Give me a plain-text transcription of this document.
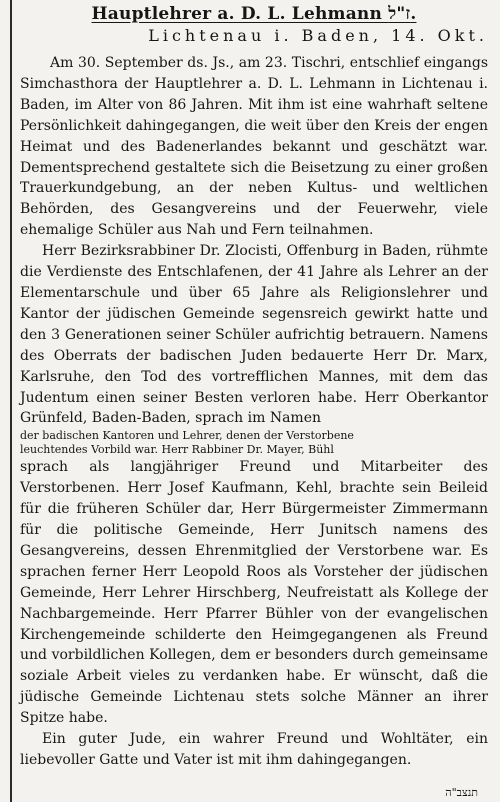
Hauptlehrer a. D. L. Lehmann ז"ל.
Lichtenau i. Baden, 14. Okt.

Am 30. September ds. Js., am 23. Tischri, entschlief eingangs Simchasthora der Hauptlehrer a. D. L. Lehmann in Lichtenau i. Baden, im Alter von 86 Jahren. Mit ihm ist eine wahrhaft seltene Persönlichkeit dahingegangen, die weit über den Kreis der engen Heimat und des Badenerlandes bekannt und geschätzt war. Dementsprechend gestaltete sich die Beisetzung zu einer großen Trauerkundgebung, an der neben Kultus- und weltlichen Behörden, des Gesangvereins und der Feuerwehr, viele ehemalige Schüler aus Nah und Fern teilnahmen.

Herr Bezirksrabbiner Dr. Zlocisti, Offenburg in Baden, rühmte die Verdienste des Entschlafenen, der 41 Jahre als Lehrer an der Elementarschule und über 65 Jahre als Religionslehrer und Kantor der jüdischen Gemeinde segensreich gewirkt hatte und den 3 Generationen seiner Schüler aufrichtig betrauern. Namens des Oberrats der badischen Juden bedauerte Herr Dr. Marx, Karlsruhe, den Tod des vortrefflichen Mannes, mit dem das Judentum einen seiner Besten verloren habe. Herr Oberkantor Grünfeld, Baden-Baden, sprach im Namen
der badischen Kantoren und Lehrer, denen der Verstorbene
leuchtendes Vorbild war. Herr Rabbiner Dr. Mayer, Bühl
sprach als langjähriger Freund und Mitarbeiter des Verstorbenen. Herr Josef Kaufmann, Kehl, brachte sein Beileid für die früheren Schüler dar, Herr Bürgermeister Zimmermann für die politische Gemeinde, Herr Junitsch namens des Gesangvereins, dessen Ehrenmitglied der Verstorbene war. Es sprachen ferner Herr Leopold Roos als Vorsteher der jüdischen Gemeinde, Herr Lehrer Hirschberg, Neufreistatt als Kollege der Nachbargemeinde. Herr Pfarrer Bühler von der evangelischen Kirchengemeinde schilderte den Heimgegangenen als Freund und vorbildlichen Kollegen, dem er besonders durch gemeinsame soziale Arbeit vieles zu verdanken habe. Er wünscht, daß die jüdische Gemeinde Lichtenau stets solche Männer an ihrer Spitze habe.

Ein guter Jude, ein wahrer Freund und Wohltäter, ein liebevoller Gatte und Vater ist mit ihm dahingegangen.

תנצב"ה
